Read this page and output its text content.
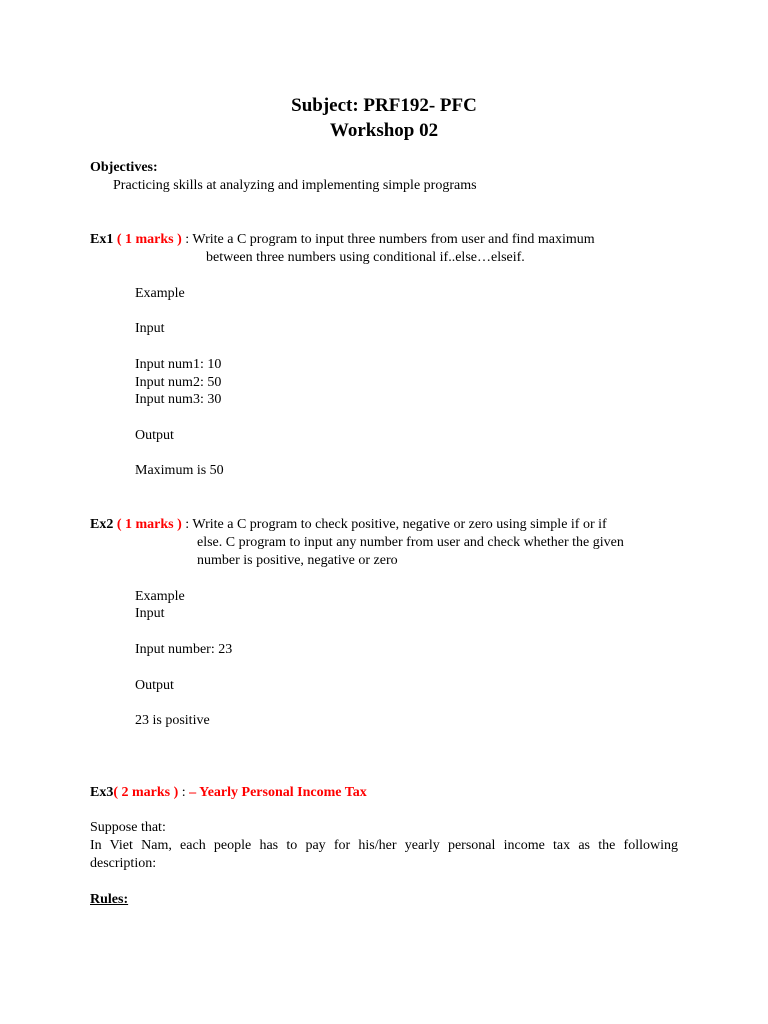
Subject: PRF192- PFC
Workshop 02
Objectives:
Practicing skills at analyzing and implementing simple programs
Ex1 ( 1 marks ) : Write a C program to input three numbers from user and find maximum
between three numbers using conditional if..else…elseif.
Example
Input
Input num1: 10
Input num2: 50
Input num3: 30
Output
Maximum is 50
Ex2 ( 1 marks ) : Write a C program to check positive, negative or zero using simple if or if
else. C program to input any number from user and check whether the given
number is positive, negative or zero
Example
Input
Input number: 23
Output
23 is positive
Ex3( 2 marks ) : – Yearly Personal Income Tax
Suppose that:
In Viet Nam, each people has to pay for his/her yearly personal income tax as the following
description:
Rules:
